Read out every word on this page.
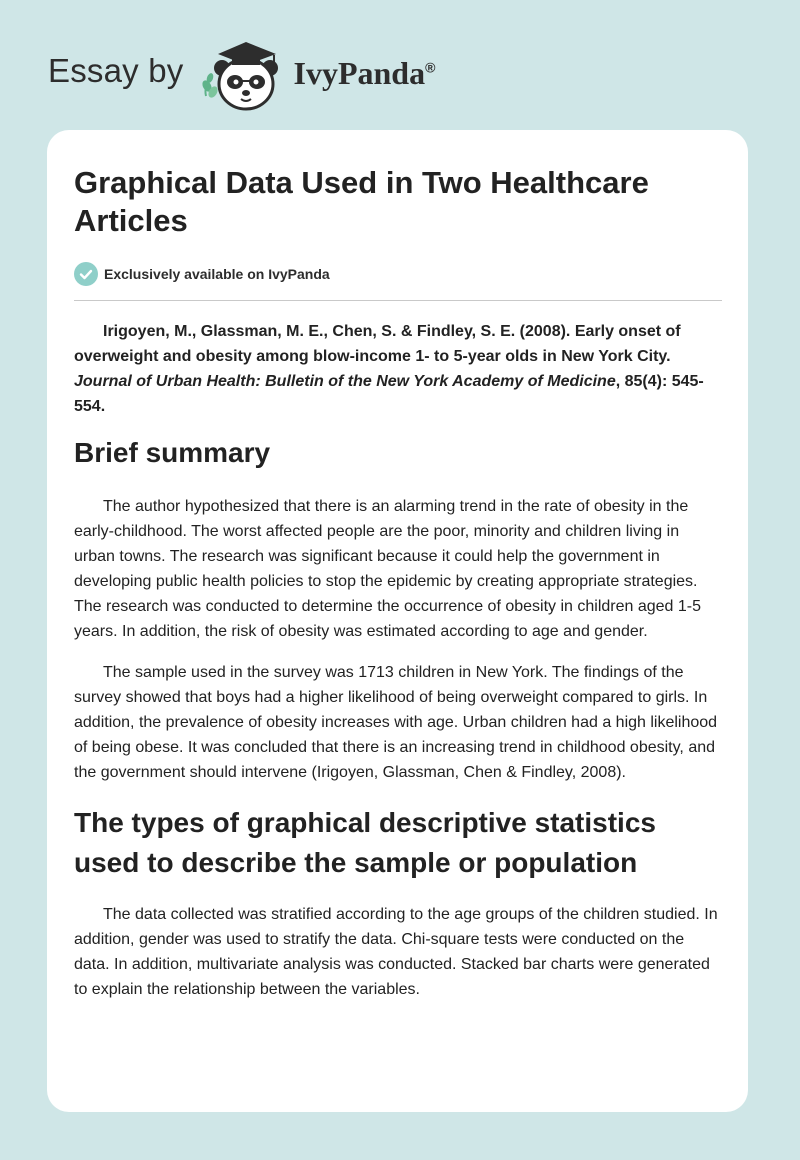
Essay by	IvyPanda®
Graphical Data Used in Two Healthcare Articles
Exclusively available on IvyPanda

Irigoyen, M., Glassman, M. E., Chen, S. & Findley, S. E. (2008). Early onset of overweight and obesity among blow-income 1- to 5-year olds in New York City. Journal of Urban Health: Bulletin of the New York Academy of Medicine, 85(4): 545-554.

Brief summary

The author hypothesized that there is an alarming trend in the rate of obesity in the early-childhood. The worst affected people are the poor, minority and children living in urban towns. The research was significant because it could help the government in developing public health policies to stop the epidemic by creating appropriate strategies. The research was conducted to determine the occurrence of obesity in children aged 1-5 years. In addition, the risk of obesity was estimated according to age and gender.

The sample used in the survey was 1713 children in New York. The findings of the survey showed that boys had a higher likelihood of being overweight compared to girls. In addition, the prevalence of obesity increases with age. Urban children had a high likelihood of being obese. It was concluded that there is an increasing trend in childhood obesity, and the government should intervene (Irigoyen, Glassman, Chen & Findley, 2008).

The types of graphical descriptive statistics used to describe the sample or population

The data collected was stratified according to the age groups of the children studied. In addition, gender was used to stratify the data. Chi-square tests were conducted on the data. In addition, multivariate analysis was conducted. Stacked bar charts were generated to explain the relationship between the variables.
